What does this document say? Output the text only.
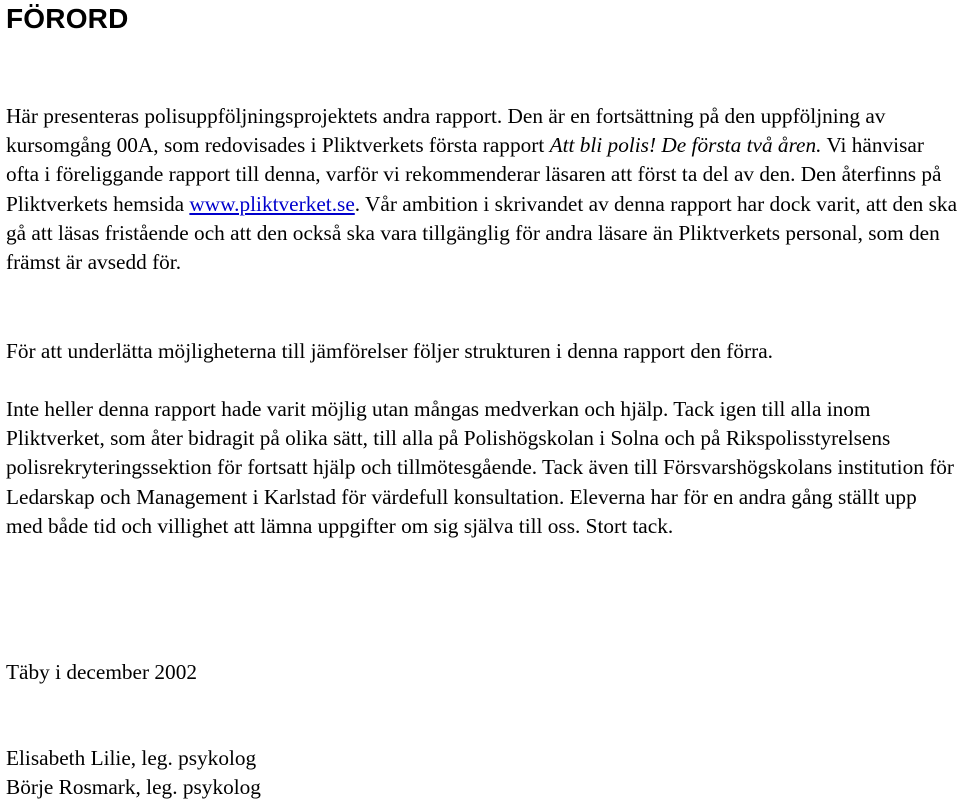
FÖRORD

Här presenteras polisuppföljningsprojektets andra rapport. Den är en fortsättning på den uppföljning av kursomgång 00A, som redovisades i Pliktverkets första rapport Att bli polis! De första två åren. Vi hänvisar ofta i föreliggande rapport till denna, varför vi rekommenderar läsaren att först ta del av den. Den återfinns på Pliktverkets hemsida www.pliktverket.se. Vår ambition i skrivandet av denna rapport har dock varit, att den ska gå att läsas fristående och att den också ska vara tillgänglig för andra läsare än Pliktverkets personal, som den främst är avsedd för.

För att underlätta möjligheterna till jämförelser följer strukturen i denna rapport den förra.

Inte heller denna rapport hade varit möjlig utan mångas medverkan och hjälp. Tack igen till alla inom Pliktverket, som åter bidragit på olika sätt, till alla på Polishögskolan i Solna och på Rikspolisstyrelsens polisrekryteringssektion för fortsatt hjälp och tillmötesgående. Tack även till Försvarshögskolans institution för Ledarskap och Management i Karlstad för värdefull konsultation. Eleverna har för en andra gång ställt upp med både tid och villighet att lämna uppgifter om sig själva till oss. Stort tack.

Täby i december 2002

Elisabeth Lilie, leg. psykolog

Börje Rosmark, leg. psykolog
